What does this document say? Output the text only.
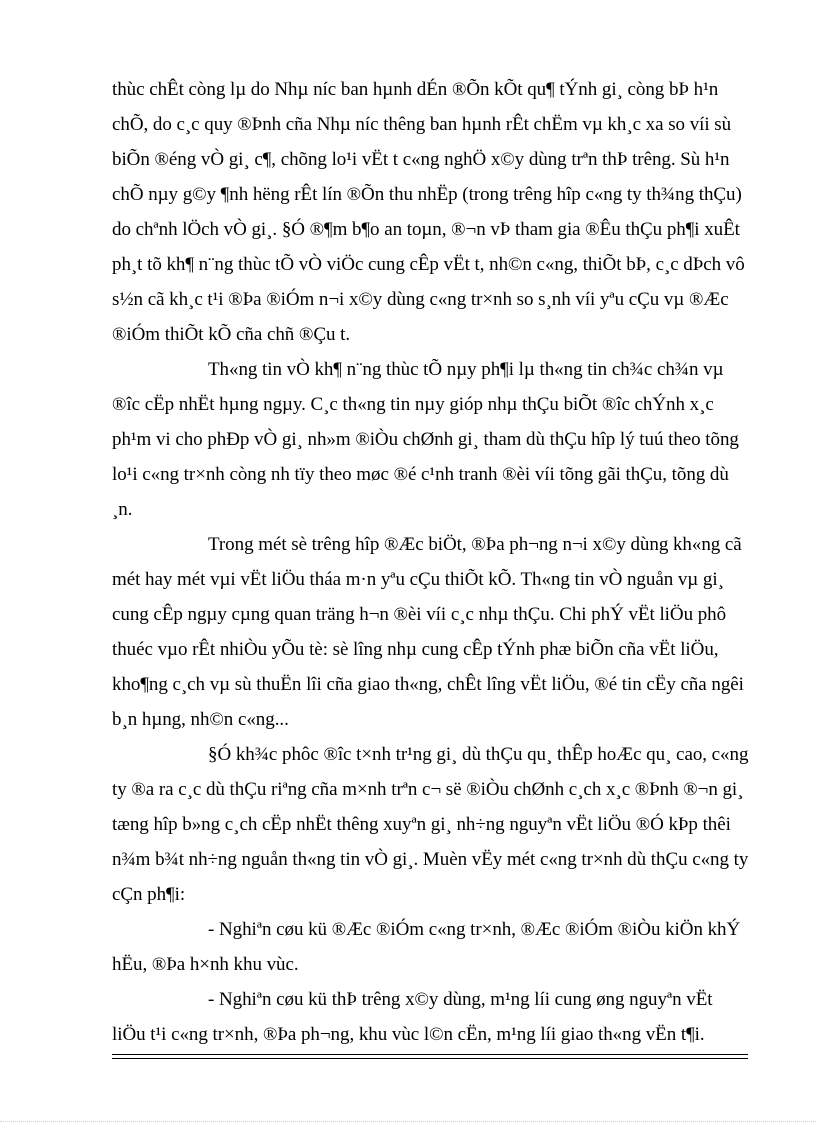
thùc chÊt còng lµ do Nhµ níc ban hµnh dÉn ®Õn kÕt qu¶ tÝnh gi¸ còng bÞ h¹n
chÕ, do c¸c quy ®Þnh cña Nhµ níc thêng ban hµnh rÊt chËm vµ kh¸c xa so víi sù
biÕn ®éng vÒ gi¸ c¶, chõng lo¹i vËt t c«ng nghÖ x©y dùng trªn thÞ trêng. Sù h¹n
chÕ nµy g©y ¶nh hëng rÊt lín ®Õn thu nhËp (trong trêng hîp c«ng ty th¾ng thÇu)
do chªnh lÖch vÒ gi¸. §Ó ®¶m b¶o an toµn, ®¬n vÞ tham gia ®Êu thÇu ph¶i xuÊt
ph¸t tõ kh¶ n¨ng thùc tÕ vÒ viÖc cung cÊp vËt t, nh©n c«ng, thiÕt bÞ, c¸c dÞch vô
s½n cã kh¸c t¹i ®Þa ®iÓm n¬i x©y dùng c«ng tr×nh so s¸nh víi yªu cÇu vµ ®Æc
®iÓm thiÕt kÕ cña chñ ®Çu t.
Th«ng tin vÒ kh¶ n¨ng thùc tÕ nµy ph¶i lµ th«ng tin ch¾c ch¾n vµ
®îc cËp nhËt hµng ngµy. C¸c th«ng tin nµy gióp nhµ thÇu biÕt ®îc chÝnh x¸c
ph¹m vi cho phÐp vÒ gi¸ nh»m ®iÒu chØnh gi¸ tham dù thÇu hîp lý tuú theo tõng
lo¹i c«ng tr×nh còng nh tïy theo møc ®é c¹nh tranh ®èi víi tõng gãi thÇu, tõng dù
¸n.
Trong mét sè trêng hîp ®Æc biÖt, ®Þa ph¬ng n¬i x©y dùng kh«ng cã
mét hay mét vµi vËt liÖu tháa m·n yªu cÇu thiÕt kÕ. Th«ng tin vÒ nguån vµ gi¸
cung cÊp ngµy cµng quan träng h¬n ®èi víi c¸c nhµ thÇu. Chi phÝ vËt liÖu phô
thuéc vµo rÊt nhiÒu yÕu tè: sè lîng nhµ cung cÊp tÝnh phæ biÕn cña vËt liÖu,
kho¶ng c¸ch vµ sù thuËn lîi cña giao th«ng, chÊt lîng vËt liÖu, ®é tin cËy cña ngêi
b¸n hµng, nh©n c«ng...
§Ó kh¾c phôc ®îc t×nh tr¹ng gi¸ dù thÇu qu¸ thÊp hoÆc qu¸ cao, c«ng
ty ®a ra c¸c dù thÇu riªng cña m×nh trªn c¬ së ®iÒu chØnh c¸ch x¸c ®Þnh ®¬n gi¸
tæng hîp b»ng c¸ch cËp nhËt thêng xuyªn gi¸ nh÷ng nguyªn vËt liÖu ®Ó kÞp thêi
n¾m b¾t nh÷ng nguån th«ng tin vÒ gi¸. Muèn vËy mét c«ng tr×nh dù thÇu c«ng ty
cÇn ph¶i:
- Nghiªn cøu kü ®Æc ®iÓm c«ng tr×nh, ®Æc ®iÓm ®iÒu kiÖn khÝ
hËu, ®Þa h×nh khu vùc.
- Nghiªn cøu kü thÞ trêng x©y dùng, m¹ng líi cung øng nguyªn vËt
liÖu t¹i c«ng tr×nh, ®Þa ph¬ng, khu vùc l©n cËn, m¹ng líi giao th«ng vËn t¶i.
